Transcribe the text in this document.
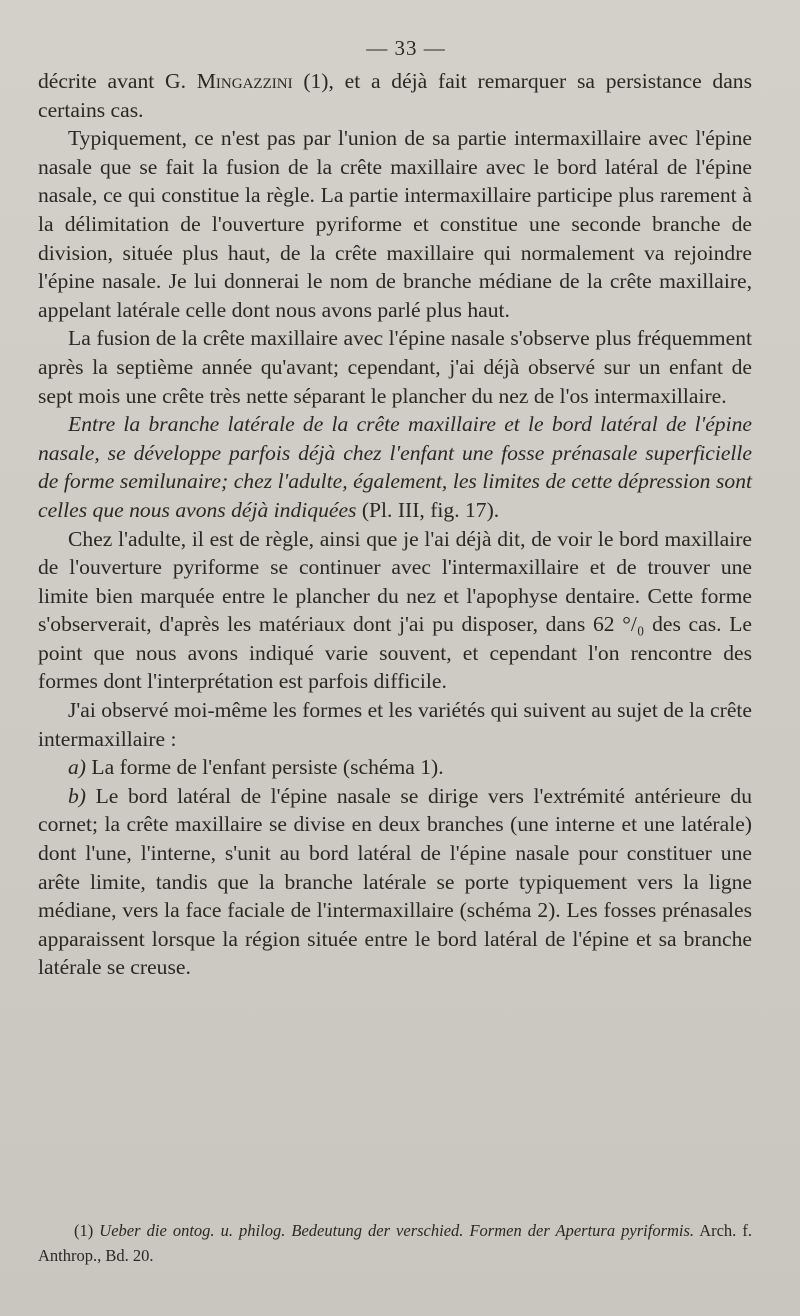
— 33 —

décrite avant G. Mingazzini (1), et a déjà fait remarquer sa persistance dans certains cas.

Typiquement, ce n'est pas par l'union de sa partie intermaxillaire avec l'épine nasale que se fait la fusion de la crête maxillaire avec le bord latéral de l'épine nasale, ce qui constitue la règle. La partie intermaxillaire participe plus rarement à la délimitation de l'ouverture pyriforme et constitue une seconde branche de division, située plus haut, de la crête maxillaire qui normalement va rejoindre l'épine nasale. Je lui donnerai le nom de branche médiane de la crête maxillaire, appelant latérale celle dont nous avons parlé plus haut.

La fusion de la crête maxillaire avec l'épine nasale s'observe plus fréquemment après la septième année qu'avant; cependant, j'ai déjà observé sur un enfant de sept mois une crête très nette séparant le plancher du nez de l'os intermaxillaire.

Entre la branche latérale de la crête maxillaire et le bord latéral de l'épine nasale, se développe parfois déjà chez l'enfant une fosse prénasale superficielle de forme semilunaire; chez l'adulte, également, les limites de cette dépression sont celles que nous avons déjà indiquées (Pl. III, fig. 17).

Chez l'adulte, il est de règle, ainsi que je l'ai déjà dit, de voir le bord maxillaire de l'ouverture pyriforme se continuer avec l'intermaxillaire et de trouver une limite bien marquée entre le plancher du nez et l'apophyse dentaire. Cette forme s'observerait, d'après les matériaux dont j'ai pu disposer, dans 62 °/₀ des cas. Le point que nous avons indiqué varie souvent, et cependant l'on rencontre des formes dont l'interprétation est parfois difficile.

J'ai observé moi-même les formes et les variétés qui suivent au sujet de la crête intermaxillaire :

a) La forme de l'enfant persiste (schéma 1).

b) Le bord latéral de l'épine nasale se dirige vers l'extrémité antérieure du cornet; la crête maxillaire se divise en deux branches (une interne et une latérale) dont l'une, l'interne, s'unit au bord latéral de l'épine nasale pour constituer une arête limite, tandis que la branche latérale se porte typiquement vers la ligne médiane, vers la face faciale de l'intermaxillaire (schéma 2). Les fosses prénasales apparaissent lorsque la région située entre le bord latéral de l'épine et sa branche latérale se creuse.

(1) Ueber die ontog. u. philog. Bedeutung der verschied. Formen der Apertura pyriformis. Arch. f. Anthrop., Bd. 20.
